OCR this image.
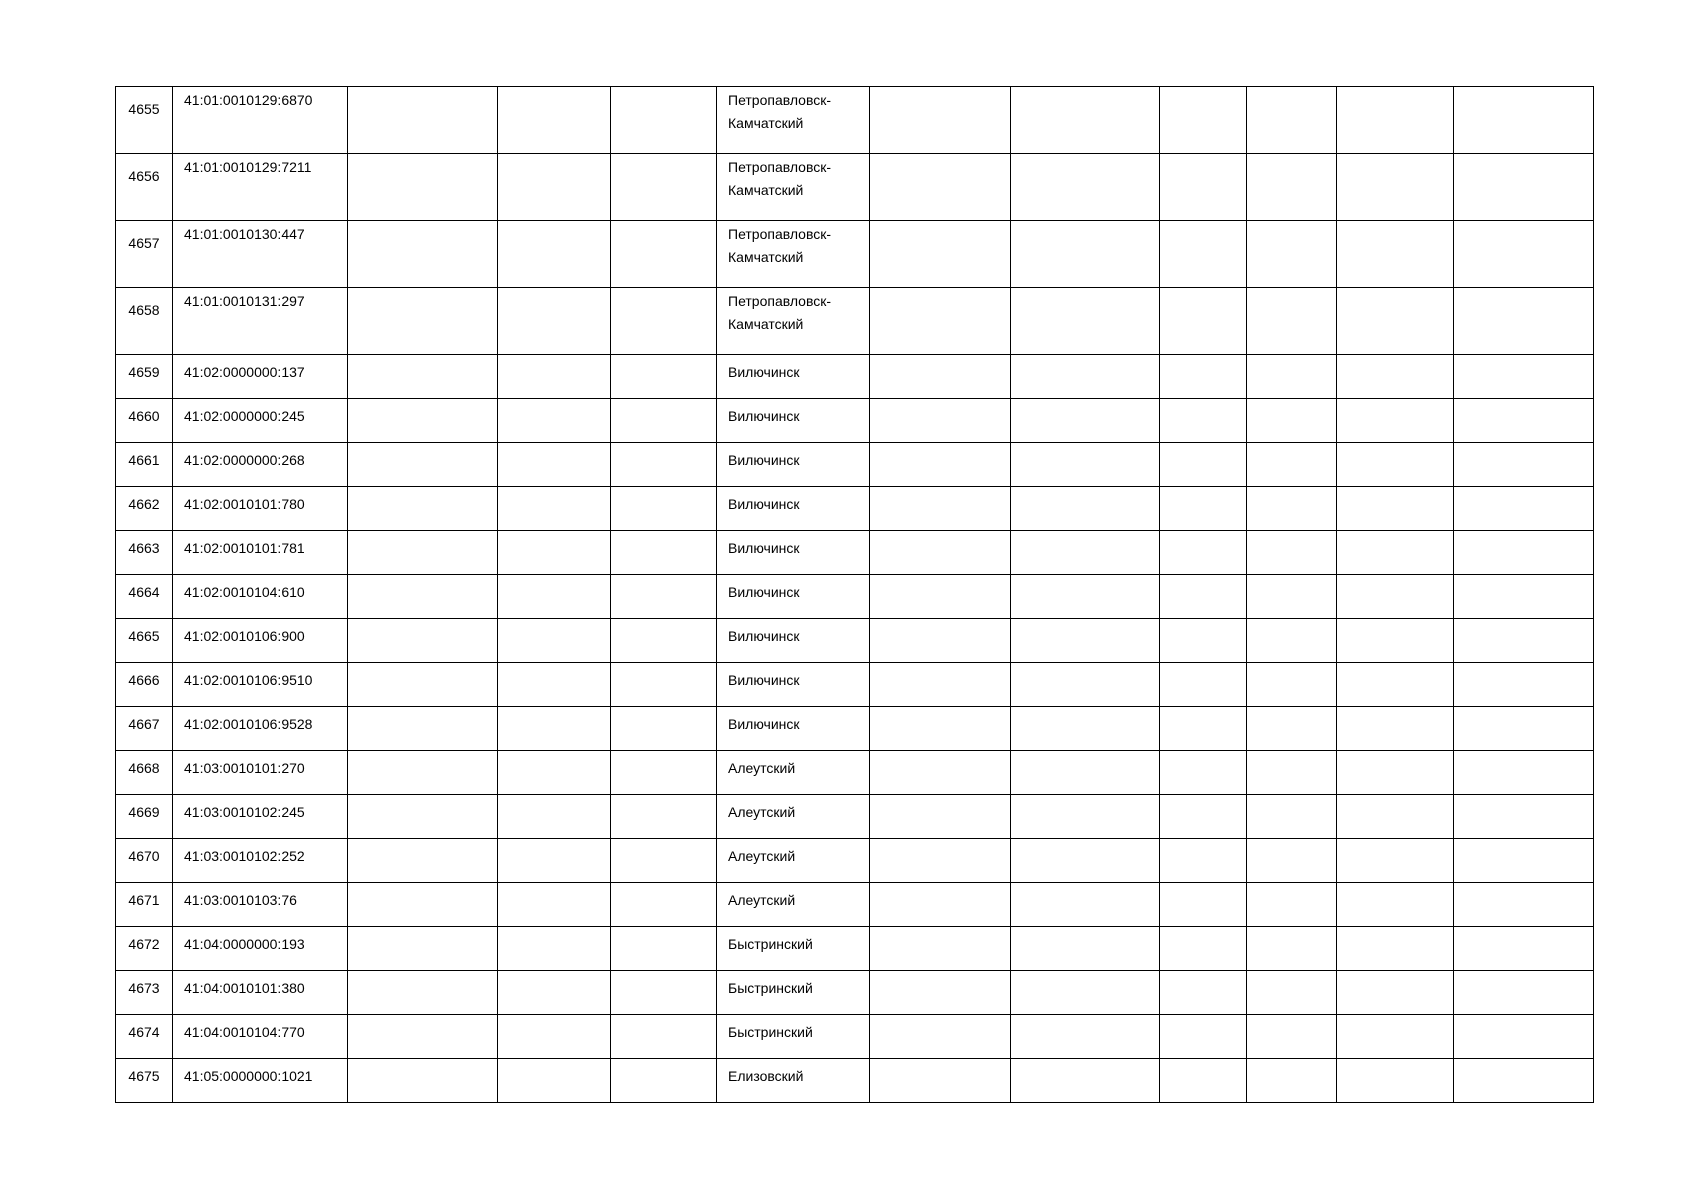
4655	41:01:0010129:6870				Петропавловск-
Камчатский						

4656	41:01:0010129:7211				Петропавловск-
Камчатский						

4657	41:01:0010130:447				Петропавловск-
Камчатский						

4658	41:01:0010131:297				Петропавловск-
Камчатский						

4659	41:02:0000000:137				Вилючинск						

4660	41:02:0000000:245				Вилючинск						

4661	41:02:0000000:268				Вилючинск						

4662	41:02:0010101:780				Вилючинск						

4663	41:02:0010101:781				Вилючинск						

4664	41:02:0010104:610				Вилючинск						

4665	41:02:0010106:900				Вилючинск						

4666	41:02:0010106:9510				Вилючинск						

4667	41:02:0010106:9528				Вилючинск						

4668	41:03:0010101:270				Алеутский						

4669	41:03:0010102:245				Алеутский						

4670	41:03:0010102:252				Алеутский						

4671	41:03:0010103:76				Алеутский						

4672	41:04:0000000:193				Быстринский						

4673	41:04:0010101:380				Быстринский						

4674	41:04:0010104:770				Быстринский						

4675	41:05:0000000:1021				Елизовский						
